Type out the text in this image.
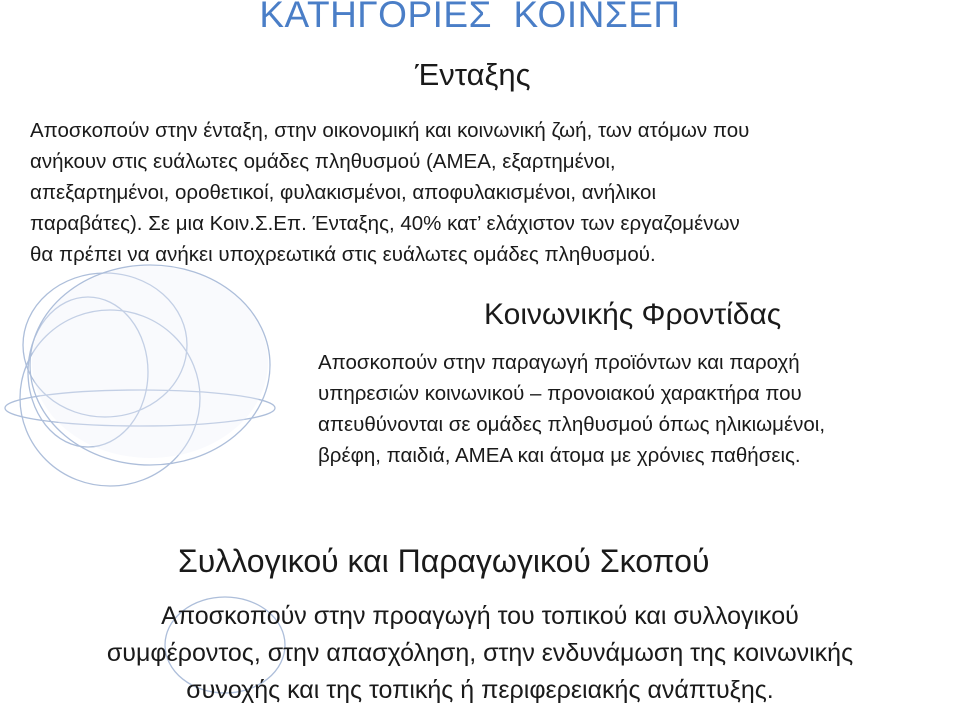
ΚΑΤΗΓΟΡΙΕΣ  ΚΟΙΝΣΕΠ
Ένταξης
Αποσκοπούν στην ένταξη, στην οικονομική και κοινωνική ζωή, των ατόμων που
ανήκουν στις ευάλωτες ομάδες πληθυσμού (ΑΜΕΑ, εξαρτημένοι,
απεξαρτημένοι, οροθετικοί, φυλακισμένοι, αποφυλακισμένοι, ανήλικοι
παραβάτες). Σε μια Κοιν.Σ.Επ. Ένταξης, 40% κατ’ ελάχιστον των εργαζομένων
θα πρέπει να ανήκει υποχρεωτικά στις ευάλωτες ομάδες πληθυσμού.
Κοινωνικής Φροντίδας
Αποσκοπούν στην παραγωγή προϊόντων και παροχή
υπηρεσιών κοινωνικού – προνοιακού χαρακτήρα που
απευθύνονται σε ομάδες πληθυσμού όπως ηλικιωμένοι,
βρέφη, παιδιά, ΑΜΕΑ και άτομα με χρόνιες παθήσεις.
Συλλογικού και Παραγωγικού Σκοπού
Αποσκοπούν στην προαγωγή του τοπικού και συλλογικού
συμφέροντος, στην απασχόληση, στην ενδυνάμωση της κοινωνικής
συνοχής και της τοπικής ή περιφερειακής ανάπτυξης.
